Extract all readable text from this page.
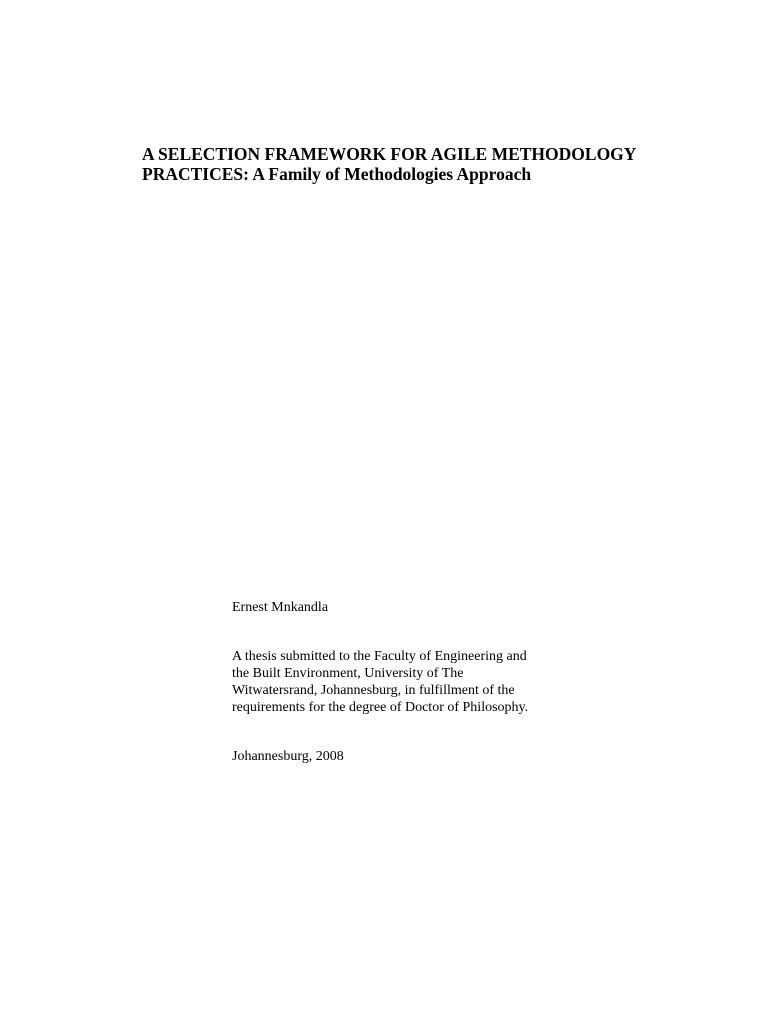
A SELECTION FRAMEWORK FOR AGILE METHODOLOGY
PRACTICES: A Family of Methodologies Approach
Ernest Mnkandla
A thesis submitted to the Faculty of Engineering and
the Built Environment, University of The
Witwatersrand, Johannesburg, in fulfillment of the
requirements for the degree of Doctor of Philosophy.
Johannesburg, 2008
